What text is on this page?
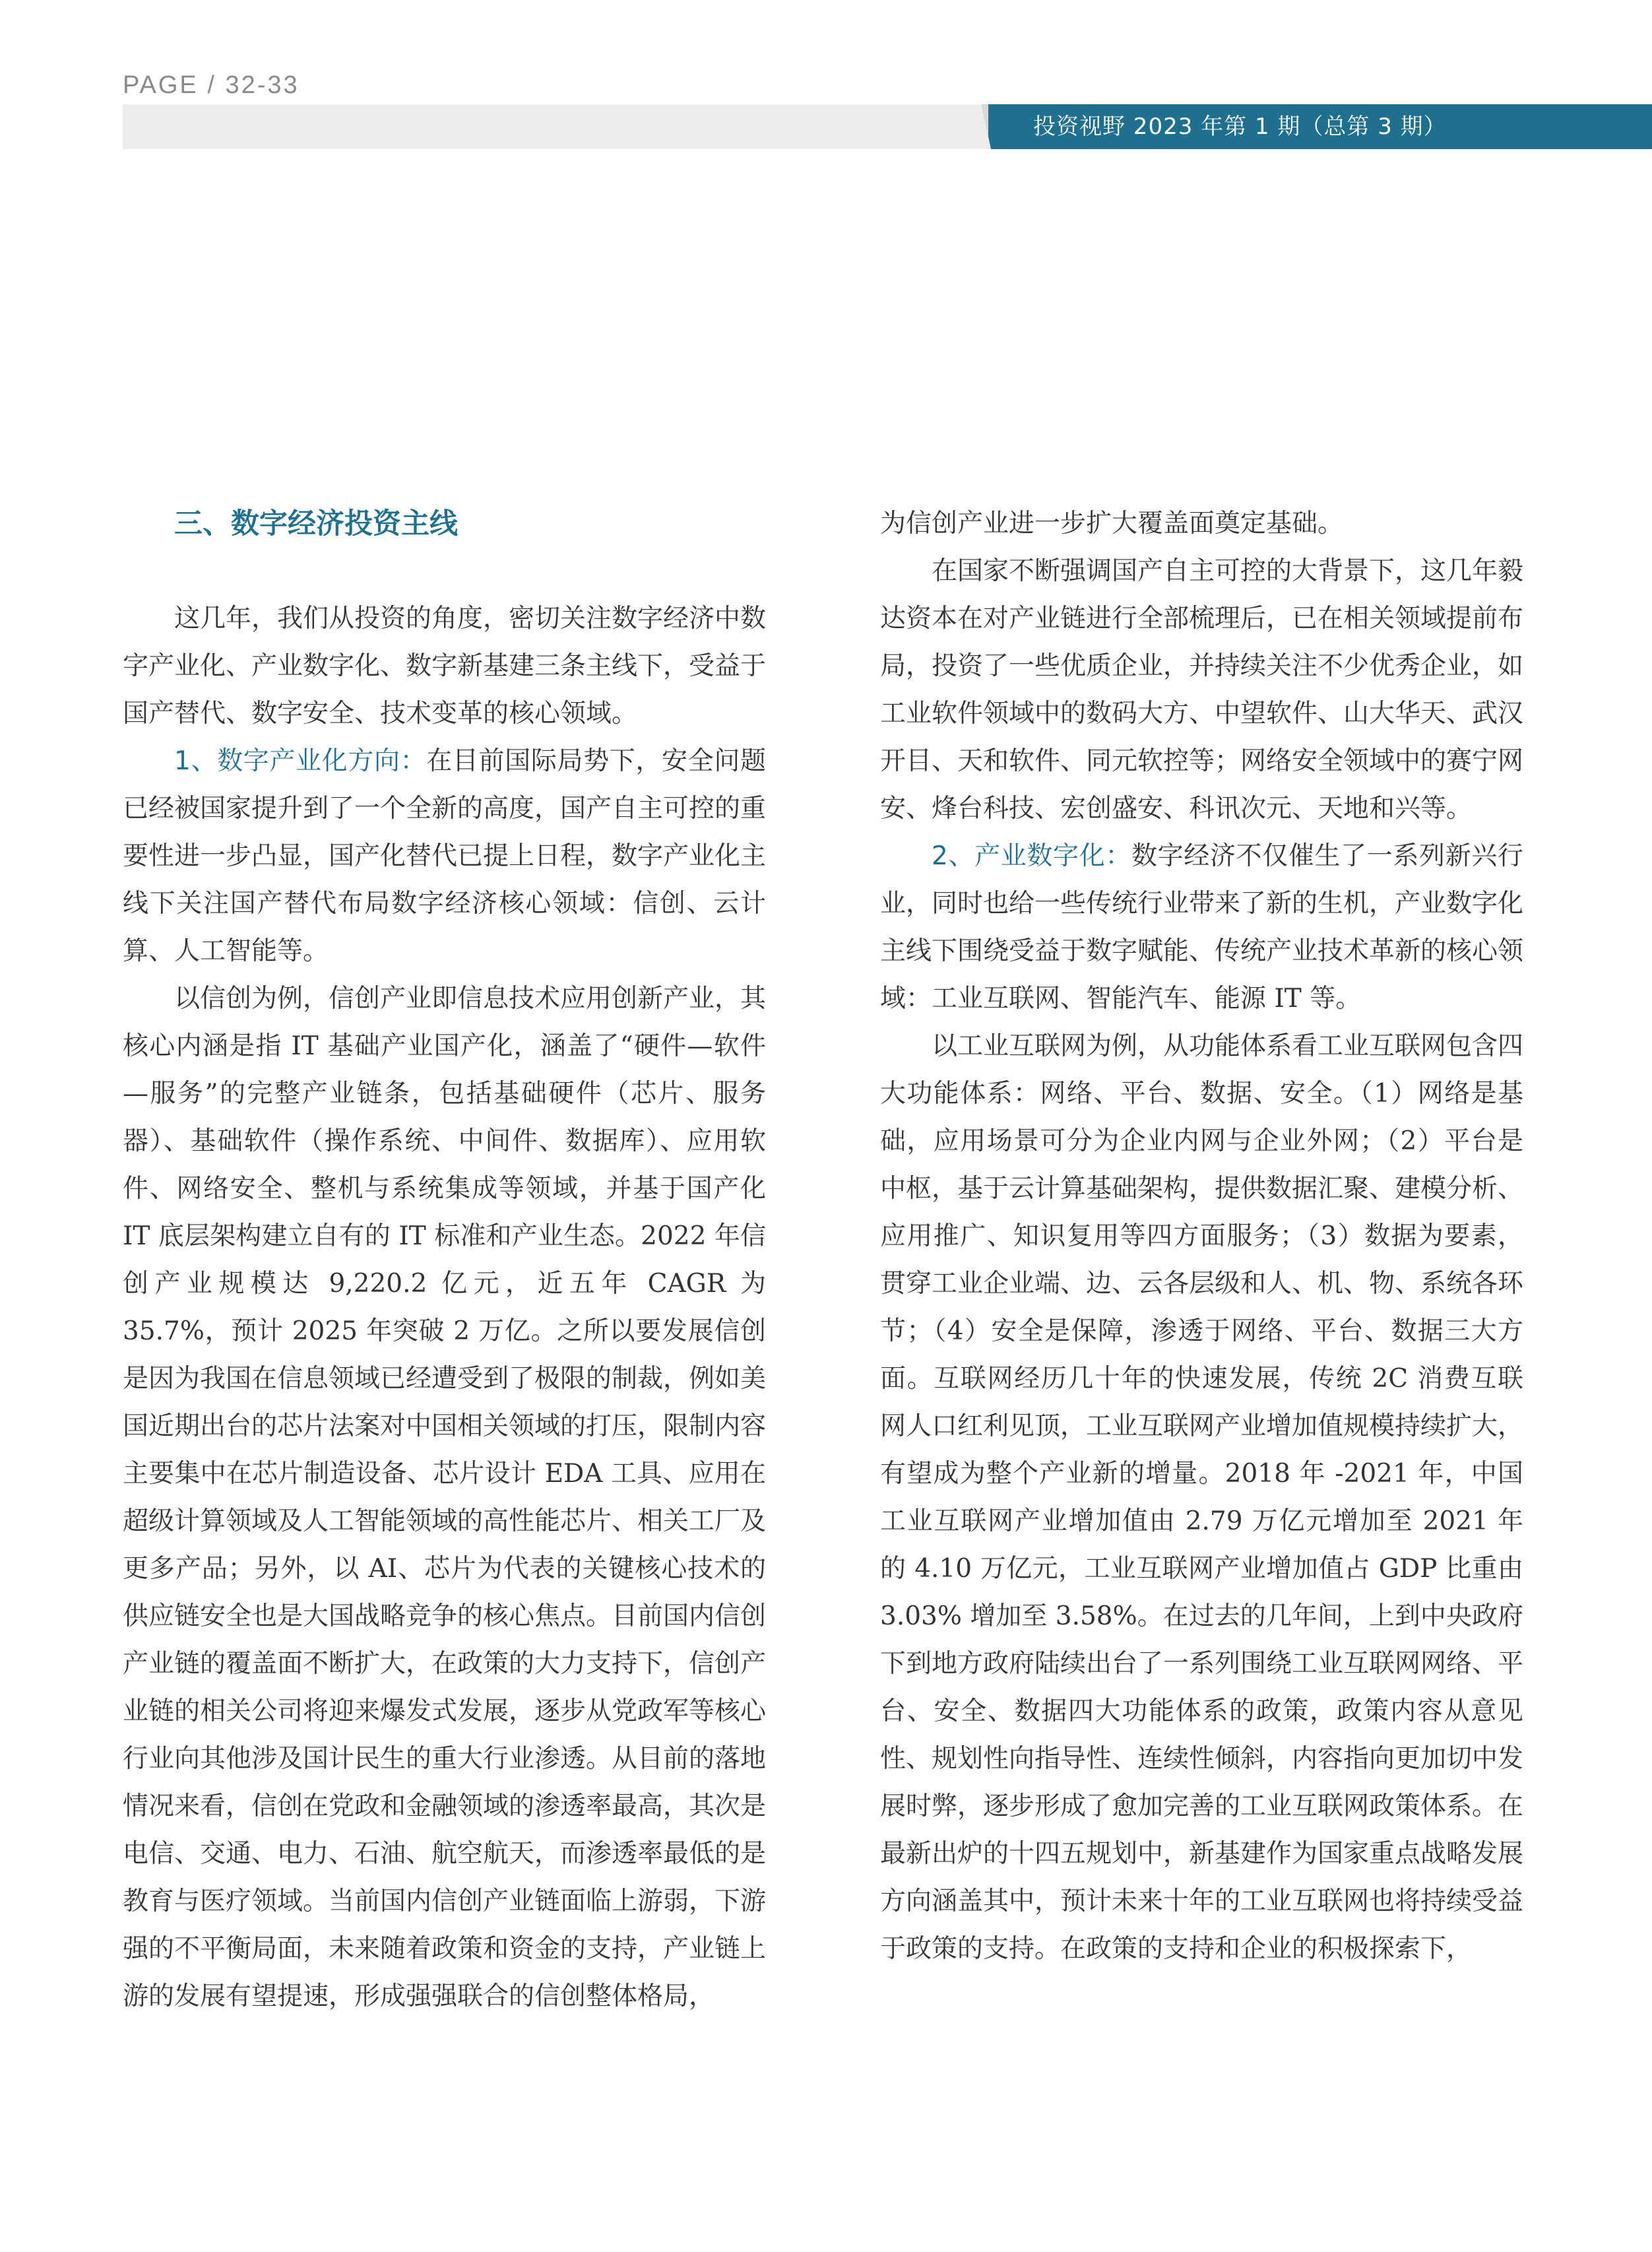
PAGE / 32-33
投资视野 2023 年第 1 期（总第 3 期）
三、数字经济投资主线

这几年，我们从投资的角度，密切关注数字经济中数字产业化、产业数字化、数字新基建三条主线下，受益于国产替代、数字安全、技术变革的核心领域。

1、数字产业化方向：在目前国际局势下，安全问题已经被国家提升到了一个全新的高度，国产自主可控的重要性进一步凸显，国产化替代已提上日程，数字产业化主线下关注国产替代布局数字经济核心领域：信创、云计算、人工智能等。

以信创为例，信创产业即信息技术应用创新产业，其核心内涵是指 IT 基础产业国产化，涵盖了“硬件—软件—服务”的完整产业链条，包括基础硬件（芯片、服务器）、基础软件（操作系统、中间件、数据库）、应用软件、网络安全、整机与系统集成等领域，并基于国产化 IT 底层架构建立自有的 IT 标准和产业生态。2022 年信创产业规模达 9,220.2 亿元，近五年 CAGR 为 35.7%，预计 2025 年突破 2 万亿。之所以要发展信创是因为我国在信息领域已经遭受到了极限的制裁，例如美国近期出台的芯片法案对中国相关领域的打压，限制内容主要集中在芯片制造设备、芯片设计 EDA 工具、应用在超级计算领域及人工智能领域的高性能芯片、相关工厂及更多产品；另外，以 AI、芯片为代表的关键核心技术的供应链安全也是大国战略竞争的核心焦点。目前国内信创产业链的覆盖面不断扩大，在政策的大力支持下，信创产业链的相关公司将迎来爆发式发展，逐步从党政军等核心行业向其他涉及国计民生的重大行业渗透。从目前的落地情况来看，信创在党政和金融领域的渗透率最高，其次是电信、交通、电力、石油、航空航天，而渗透率最低的是教育与医疗领域。当前国内信创产业链面临上游弱，下游强的不平衡局面，未来随着政策和资金的支持，产业链上游的发展有望提速，形成强强联合的信创整体格局，

为信创产业进一步扩大覆盖面奠定基础。

在国家不断强调国产自主可控的大背景下，这几年毅达资本在对产业链进行全部梳理后，已在相关领域提前布局，投资了一些优质企业，并持续关注不少优秀企业，如工业软件领域中的数码大方、中望软件、山大华天、武汉开目、天和软件、同元软控等；网络安全领域中的赛宁网安、烽台科技、宏创盛安、科讯次元、天地和兴等。

2、产业数字化：数字经济不仅催生了一系列新兴行业，同时也给一些传统行业带来了新的生机，产业数字化主线下围绕受益于数字赋能、传统产业技术革新的核心领域：工业互联网、智能汽车、能源 IT 等。

以工业互联网为例，从功能体系看工业互联网包含四大功能体系：网络、平台、数据、安全。（1）网络是基础，应用场景可分为企业内网与企业外网；（2）平台是中枢，基于云计算基础架构，提供数据汇聚、建模分析、应用推广、知识复用等四方面服务；（3）数据为要素，贯穿工业企业端、边、云各层级和人、机、物、系统各环节；（4）安全是保障，渗透于网络、平台、数据三大方面。互联网经历几十年的快速发展，传统 2C 消费互联网人口红利见顶，工业互联网产业增加值规模持续扩大，有望成为整个产业新的增量。2018 年 -2021 年，中国工业互联网产业增加值由 2.79 万亿元增加至 2021 年的 4.10 万亿元，工业互联网产业增加值占 GDP 比重由 3.03% 增加至 3.58%。在过去的几年间，上到中央政府下到地方政府陆续出台了一系列围绕工业互联网网络、平台、安全、数据四大功能体系的政策，政策内容从意见性、规划性向指导性、连续性倾斜，内容指向更加切中发展时弊，逐步形成了愈加完善的工业互联网政策体系。在最新出炉的十四五规划中，新基建作为国家重点战略发展方向涵盖其中，预计未来十年的工业互联网也将持续受益于政策的支持。在政策的支持和企业的积极探索下，
